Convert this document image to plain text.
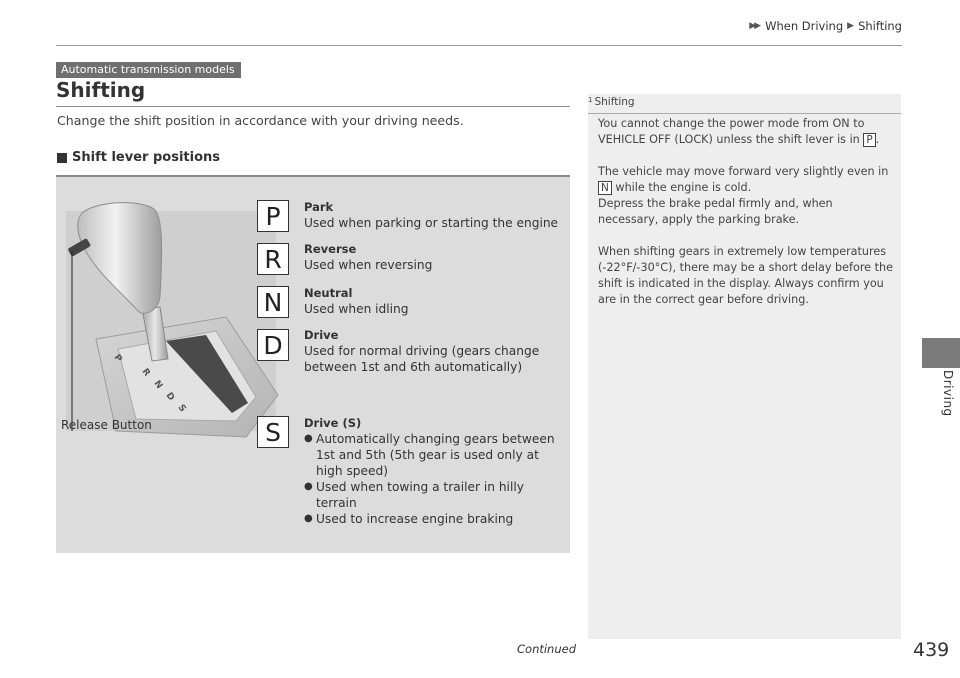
▶▶ When Driving ▶ Shifting
Driving
Automatic transmission models
Shifting
Change the shift position in accordance with your driving needs.
Shift lever positions
P
R
N
D
S
Release Button
P	Park
Used when parking or starting the engine
R	Reverse
Used when reversing
N	Neutral
Used when idling
D	Drive
Used for normal driving (gears change between 1st and 6th automatically)
S	Drive (S)
● Automatically changing gears between 1st and 5th (5th gear is used only at high speed)
● Used when towing a trailer in hilly terrain
● Used to increase engine braking
1 Shifting

You cannot change the power mode from ON to VEHICLE OFF (LOCK) unless the shift lever is in P .

The vehicle may move forward very slightly even in
N while the engine is cold.
Depress the brake pedal firmly and, when necessary, apply the parking brake.

When shifting gears in extremely low temperatures (-22°F/-30°C), there may be a short delay before the shift is indicated in the display. Always confirm you are in the correct gear before driving.

Continued	439
